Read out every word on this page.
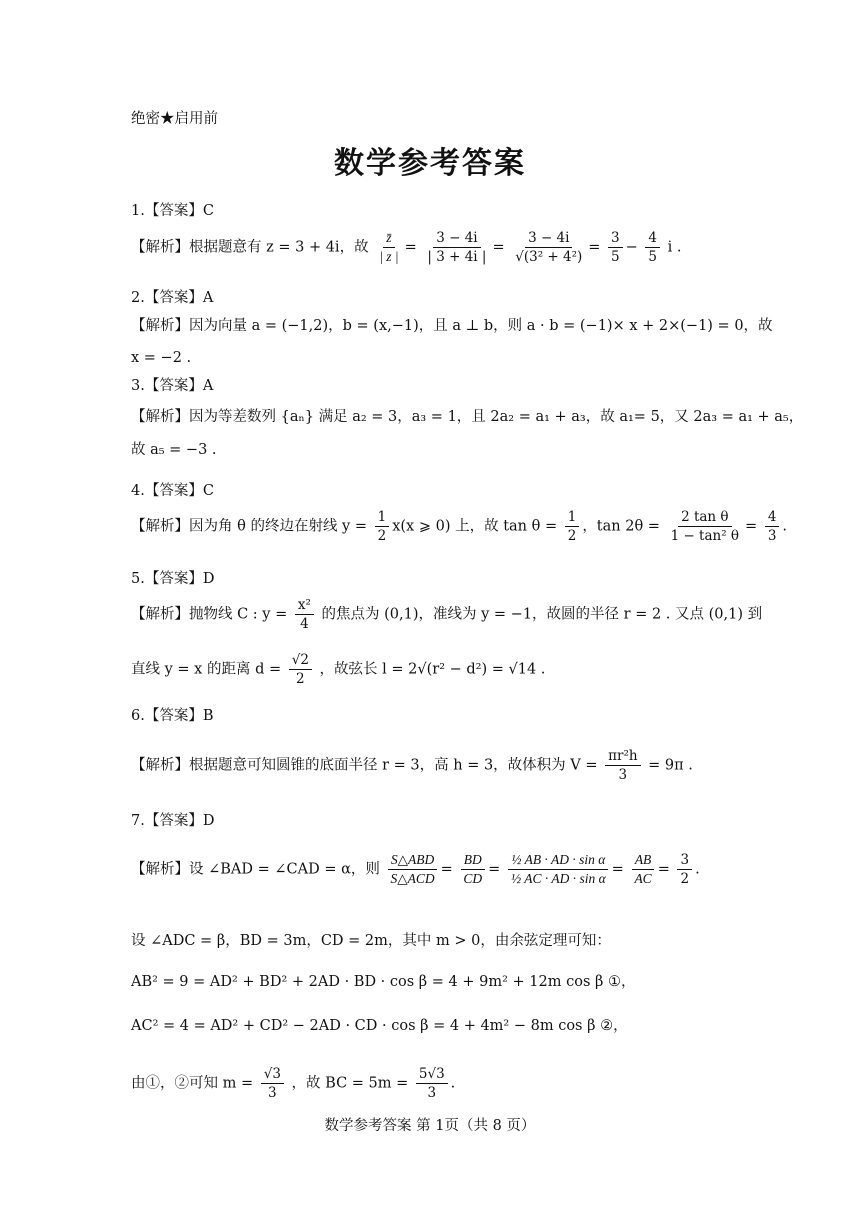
绝密★启用前
数学参考答案
1.【答案】C
【解析】根据题意有 z = 3 + 4i，故 $\frac{z̄}{| z |} = \frac{3 - 4i}{| 3 + 4i |} = \frac{3 - 4i}{\text{√(3² + 4²)}} = \frac{3}{5} - \frac{4}{5}$ i .
2.【答案】A
【解析】因为向量 a = (−1,2)，b = (x,−1)，且 a ⊥ b，则 a · b = (−1)× x + 2×(−1) = 0，故
x = −2 .
3.【答案】A
【解析】因为等差数列 {aₙ} 满足 a₂ = 3，a₃ = 1，且 2a₂ = a₁ + a₃，故 a₁= 5，又 2a₃ = a₁ + a₅，
故 a₅ = −3 .
4.【答案】C
【解析】因为角 θ 的终边在射线 $y = \frac{1}{2} x(x$ ⩾ 0) 上，故 $\tan \theta = \frac{1}{2}$ ，$\tan 2\theta = \frac{\text{2 tan θ}}{\text{1 − tan² θ}} = \frac{4}{3}$ .
5.【答案】D
【解析】抛物线 C : $y = \frac{\text{x²}}{4}$ 的焦点为 (0,1)，准线为 y = −1，故圆的半径 r = 2 . 又点 (0,1) 到
直线 y = x 的距离 $d = \frac{√2}{2}$ ，故弦长 l = 2√(r² − d²) = √14 .
6.【答案】B
【解析】根据题意可知圆锥的底面半径 r = 3，高 h = 3，故体积为 $V = \frac{\text{πr²h}}{3} = 9\pi$ .
7.【答案】D
【解析】设 ∠BAD = ∠CAD = α，则 $\frac{\text{S△ABD}}{\text{S△ACD}} = \frac{BD}{CD} = \frac{\text{½ AB · AD · sin α}}{\text{½ AC · AD · sin α}} = \frac{AB}{AC} = \frac{3}{2}$ .
设 ∠ADC = β，BD = 3m，CD = 2m，其中 m > 0，由余弦定理可知：
AB² = 9 = AD² + BD² + 2AD · BD · cos β = 4 + 9m² + 12m cos β ①，
AC² = 4 = AD² + CD² − 2AD · CD · cos β = 4 + 4m² − 8m cos β ②，
由①，②可知 $m = \frac{√3}{3}$ ，故 BC = $5m = \frac{5√3}{3}$ .
数学参考答案 第 1页（共 8 页）
